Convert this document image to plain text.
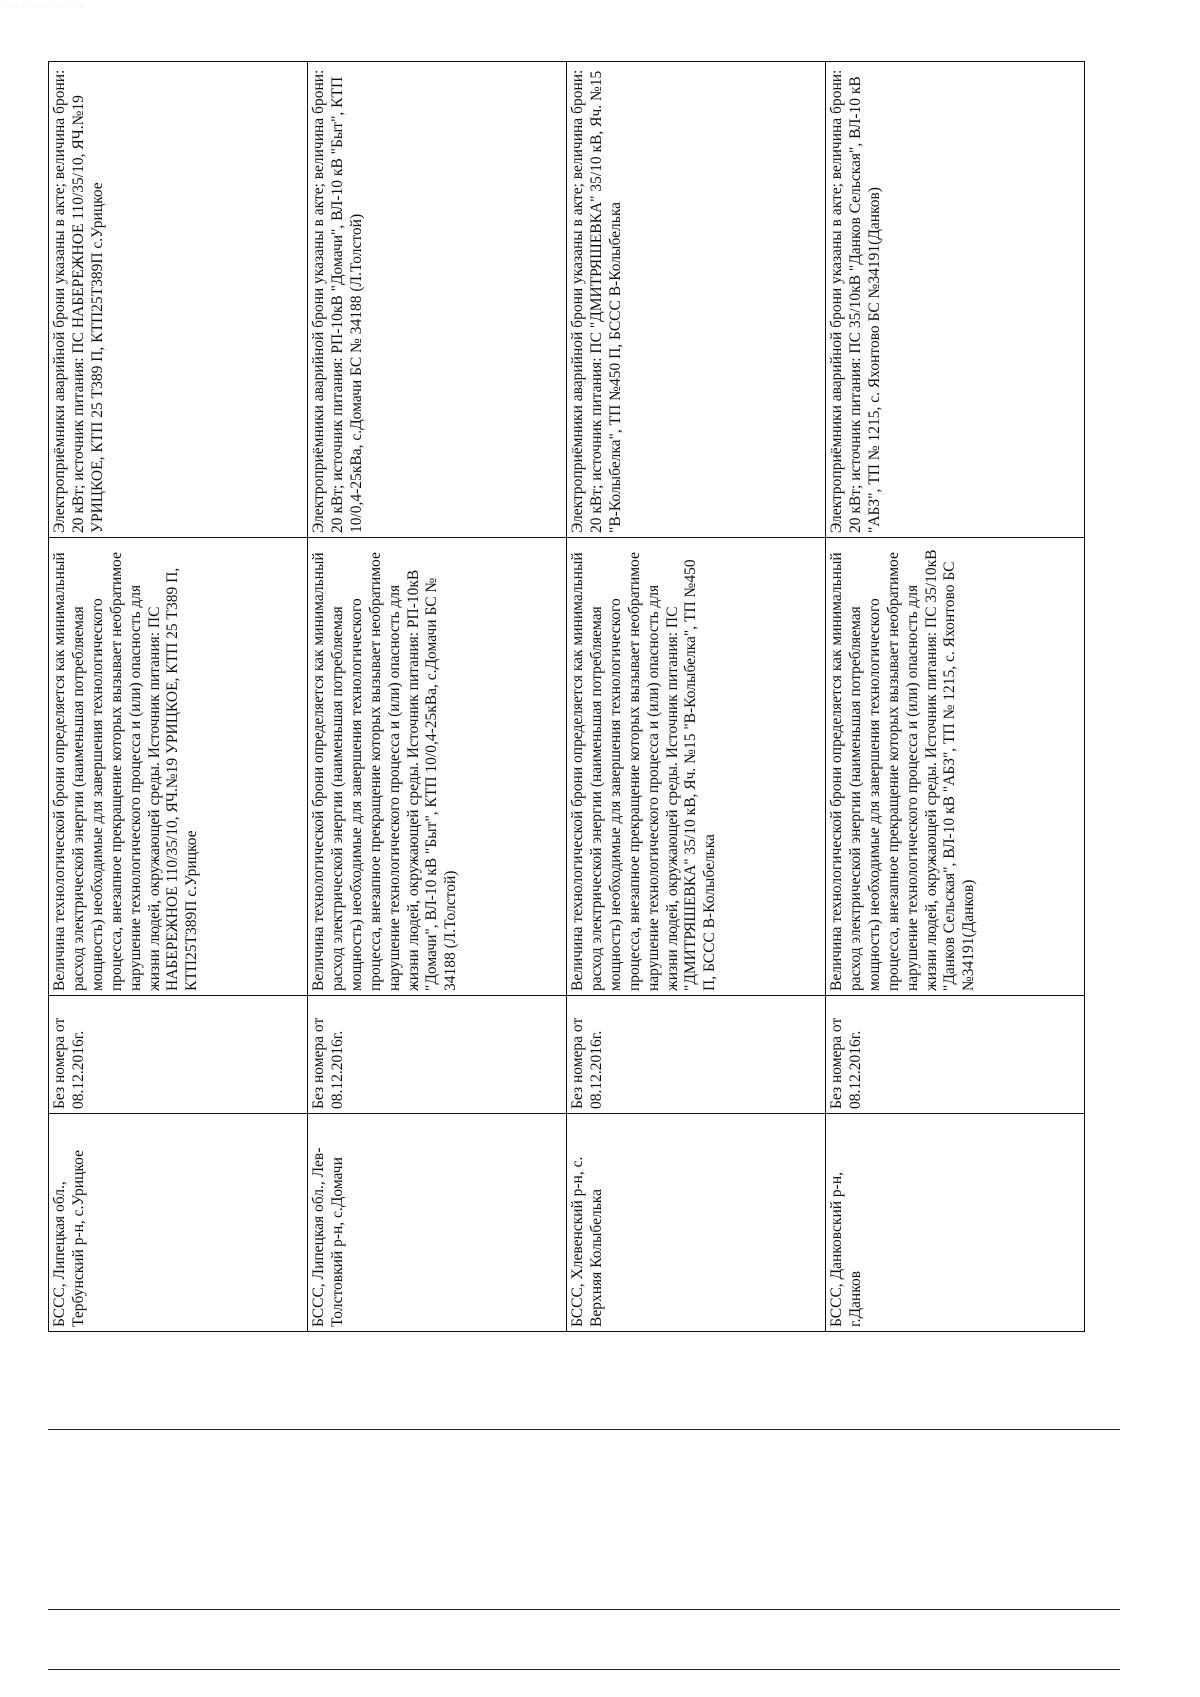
· · · · · · · · · · · · · ·
БССС, Липецкая обл., Тербунский р-н, с.Урицкое	Без номера от 08.12.2016г.	Величина технологической брони определяется как минимальный расход электрической энергии (наименьшая потребляемая мощность) необходимые для завершения технологического процесса, внезапное прекращение которых вызывает необратимое нарушение технологического процесса и (или) опасность для жизни людей, окружающей среды. Источник питания: ПС НАБЕРЕЖНОЕ 110/35/10, ЯЧ.№19 УРИЦКОЕ, КТП 25 Т389 П, КТП25Т389П с.Урицкое	Электроприёмники аварийной брони указаны в акте; величина брони: 20 кВт; источник питания: ПС НАБЕРЕЖНОЕ 110/35/10, ЯЧ.№19 УРИЦКОЕ, КТП 25 Т389 П, КТП25Т389П с.Урицкое
БССС, Липецкая обл., Лев-Толстовкий р-н, с.Домачи	Без номера от 08.12.2016г.	Величина технологической брони определяется как минимальный расход электрической энергии (наименьшая потребляемая мощность) необходимые для завершения технологического процесса, внезапное прекращение которых вызывает необратимое нарушение технологического процесса и (или) опасность для жизни людей, окружающей среды. Источник питания: РП-10кВ "Домачи", ВЛ-10 кВ "Быт", КТП 10/0,4-25кВа, с.Домачи БС № 34188 (Л.Толстой)	Электроприёмники аварийной брони указаны в акте; величина брони: 20 кВт; источник питания: РП-10кВ "Домачи", ВЛ-10 кВ "Быт", КТП 10/0,4-25кВа, с.Домачи БС № 34188 (Л.Толстой)
БССС, Хлевенский р-н, с. Верхняя Колыбелька	Без номера от 08.12.2016г.	Величина технологической брони определяется как минимальный расход электрической энергии (наименьшая потребляемая мощность) необходимые для завершения технологического процесса, внезапное прекращение которых вызывает необратимое нарушение технологического процесса и (или) опасность для жизни людей, окружающей среды. Источник питания: ПС "ДМИТРЯШЕВКА" 35/10 кВ, Яч. №15 "В-Колыбелка", ТП №450 П, БССС В-Колыбелька	Электроприёмники аварийной брони указаны в акте; величина брони: 20 кВт; источник питания: ПС "ДМИТРЯШЕВКА" 35/10 кВ, Яч. №15 "В-Колыбелка", ТП №450 П, БССС В-Колыбелька
БССС, Данковский р-н, г.Данков	Без номера от 08.12.2016г.	Величина технологической брони определяется как минимальный расход электрической энергии (наименьшая потребляемая мощность) необходимые для завершения технологического процесса, внезапное прекращение которых вызывает необратимое нарушение технологического процесса и (или) опасность для жизни людей, окружающей среды. Источник питания: ПС 35/10кВ "Данков Сельская", ВЛ-10 кВ "АБЗ", ТП № 1215, с. Яхонтово БС №34191(Данков)	Электроприёмники аварийной брони указаны в акте; величина брони: 20 кВт; источник питания: ПС 35/10кВ "Данков Сельская", ВЛ-10 кВ "АБЗ", ТП № 1215, с. Яхонтово БС №34191(Данков)
